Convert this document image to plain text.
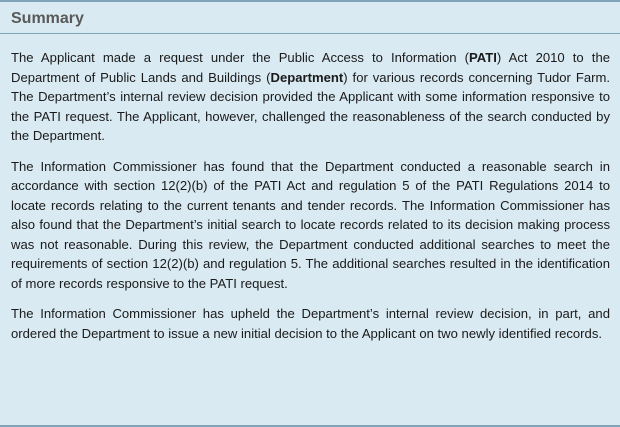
Summary

The Applicant made a request under the Public Access to Information (PATI) Act 2010 to the Department of Public Lands and Buildings (Department) for various records concerning Tudor Farm. The Department’s internal review decision provided the Applicant with some information responsive to the PATI request. The Applicant, however, challenged the reasonableness of the search conducted by the Department.

The Information Commissioner has found that the Department conducted a reasonable search in accordance with section 12(2)(b) of the PATI Act and regulation 5 of the PATI Regulations 2014 to locate records relating to the current tenants and tender records. The Information Commissioner has also found that the Department’s initial search to locate records related to its decision making process was not reasonable. During this review, the Department conducted additional searches to meet the requirements of section 12(2)(b) and regulation 5. The additional searches resulted in the identification of more records responsive to the PATI request.

The Information Commissioner has upheld the Department’s internal review decision, in part, and ordered the Department to issue a new initial decision to the Applicant on two newly identified records.
